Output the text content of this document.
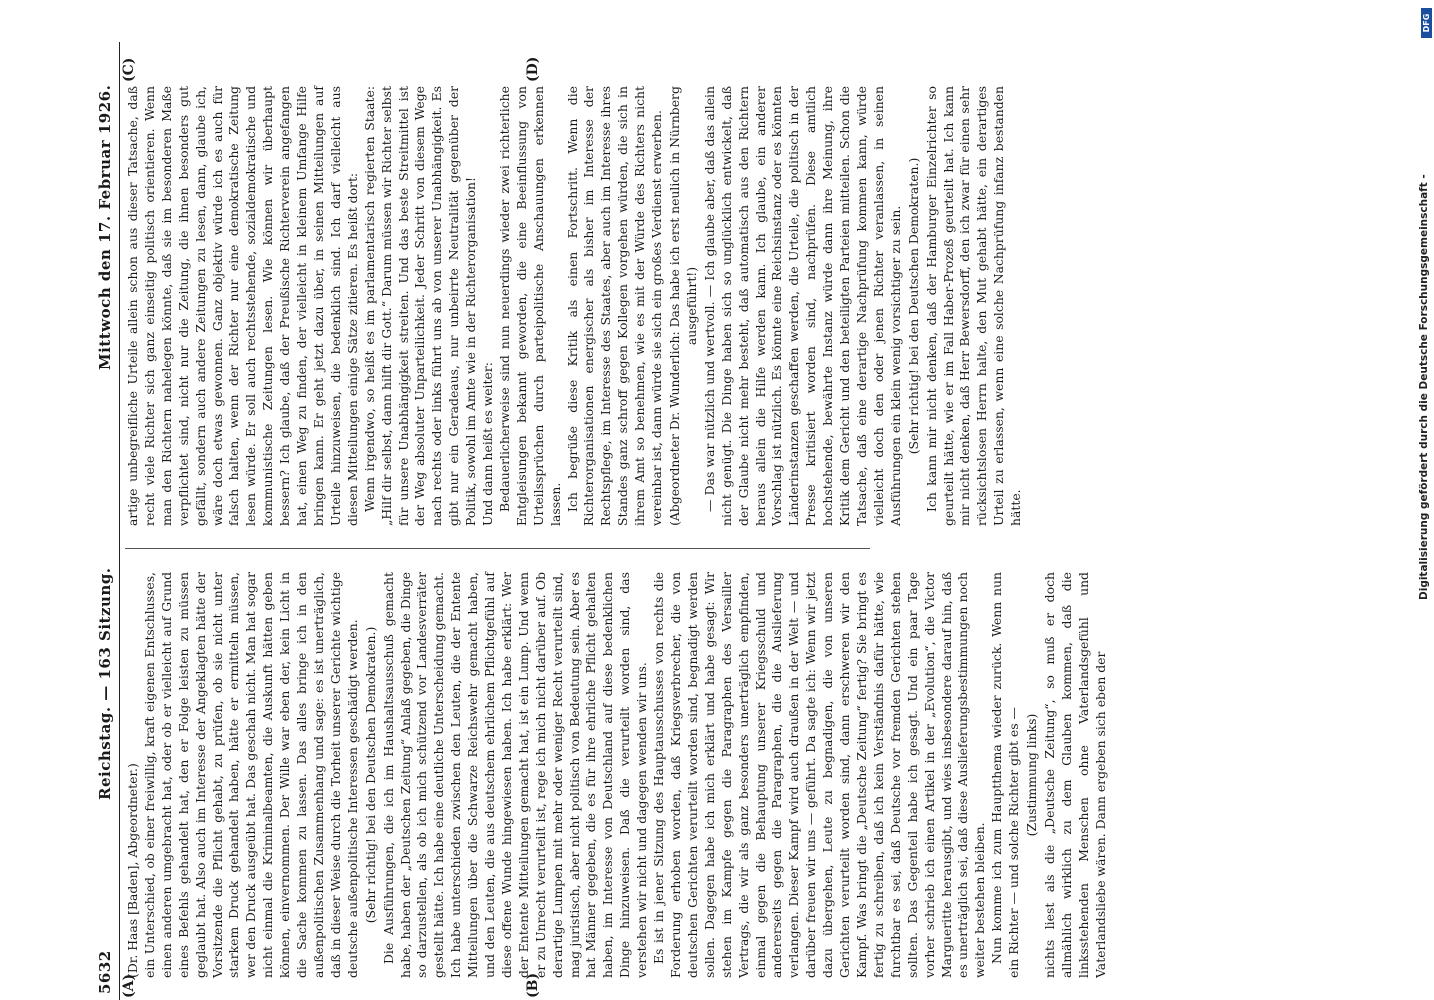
5632
Reichstag. — 163 Sitzung.
Mittwoch den 17. Februar 1926.
(A)	(B)
(C)	(D)

(Dr. Haas [Baden], Abgeordneter.) ein Unterschied, ob einer freiwillig, kraft eigenen Entschlusses, einen anderen umgebracht hat, oder ob er vielleicht auf Grund eines Befehls gehandelt hat, den er Folge leisten zu müssen geglaubt hat. Also auch im Interesse der Angeklagten hätte der Vorsitzende die Pflicht gehabt, zu prüfen, ob sie nicht unter starkem Druck gehandelt haben, hätte er ermitteln müssen, wer den Druck ausgeübt hat. Das geschah nicht. Man hat sogar nicht einmal die Kriminalbeamten, die Auskunft hätten geben können, einvernommen. Der Wille war eben der, kein Licht in die Sache kommen zu lassen. Das alles bringe ich in den außenpolitischen Zusammenhang und sage: es ist unerträglich, daß in dieser Weise durch die Torheit unserer Gerichte wichtige deutsche außenpolitische Interessen geschädigt werden. (Sehr richtig! bei den Deutschen Demokraten.) Die Ausführungen, die ich im Haushaltsausschuß gemacht habe, haben der „Deutschen Zeitung“ Anlaß gegeben, die Dinge so darzustellen, als ob ich mich schützend vor Landesverräter gestellt hätte. Ich habe eine deutliche Unterscheidung gemacht. Ich habe unterschieden zwischen den Leuten, die der Entente Mitteilungen über die Schwarze Reichswehr gemacht haben, und den Leuten, die aus deutschem ehrlichem Pflichtgefühl auf diese offene Wunde hingewiesen haben. Ich habe erklärt: Wer der Entente Mitteilungen gemacht hat, ist ein Lump. Und wenn er zu Unrecht verurteilt ist, rege ich mich nicht darüber auf. Ob derartige Lumpen mit mehr oder weniger Recht verurteilt sind, mag juristisch, aber nicht politisch von Bedeutung sein. Aber es hat Männer gegeben, die es für ihre ehrliche Pflicht gehalten haben, im Interesse von Deutschland auf diese bedenklichen Dinge hinzuweisen. Daß die verurteilt worden sind, das verstehen wir nicht und dagegen wenden wir uns. Es ist in jener Sitzung des Hauptausschusses von rechts die Forderung erhoben worden, daß Kriegsverbrecher, die von deutschen Gerichten verurteilt worden sind, begnadigt werden sollen. Dagegen habe ich mich erklärt und habe gesagt: Wir stehen im Kampfe gegen die Paragraphen des Versailler Vertrags, die wir als ganz besonders unerträglich empfinden, einmal gegen die Behauptung unserer Kriegsschuld und andererseits gegen die Paragraphen, die die Auslieferung verlangen. Dieser Kampf wird auch draußen in der Welt — und darüber freuen wir uns — geführt. Da sagte ich: Wenn wir jetzt dazu übergehen, Leute zu begnadigen, die von unseren Gerichten verurteilt worden sind, dann erschweren wir den Kampf. Was bringt die „Deutsche Zeitung“ fertig? Sie bringt es fertig zu schreiben, daß ich kein Verständnis dafür hätte, wie furchtbar es sei, daß Deutsche vor fremden Gerichten stehen sollten. Das Gegenteil habe ich gesagt. Und ein paar Tage vorher schrieb ich einen Artikel in der „Evolution“, die Victor Margueritte herausgibt, und wies insbesondere darauf hin, daß es unerträglich sei, daß diese Auslieferungsbestimmungen noch weiter bestehen bleiben. Nun komme ich zum Hauptthema wieder zurück. Wenn nun ein Richter — und solche Richter gibt es — (Zustimmung links) nichts liest als die „Deutsche Zeitung“, so muß er doch allmählich wirklich zu dem Glauben kommen, daß die linksstehenden Menschen ohne Vaterlandsgefühl und Vaterlandsliebe wären. Dann ergeben sich eben der

artige unbegreifliche Urteile allein schon aus dieser Tatsache, daß recht viele Richter sich ganz einseitig politisch orientieren. Wenn man den Richtern nahelegen könnte, daß sie im besonderen Maße verpflichtet sind, nicht nur die Zeitung, die ihnen besonders gut gefällt, sondern auch andere Zeitungen zu lesen, dann, glaube ich, wäre doch etwas gewonnen. Ganz objektiv würde ich es auch für falsch halten, wenn der Richter nur eine demokratische Zeitung lesen würde. Er soll auch rechtsstehende, sozialdemokratische und kommunistische Zeitungen lesen. Wie können wir überhaupt bessern? Ich glaube, daß der Preußische Richterverein angefangen hat, einen Weg zu finden, der vielleicht in kleinem Umfange Hilfe bringen kann. Er geht jetzt dazu über, in seinen Mitteilungen auf Urteile hinzuweisen, die bedenklich sind. Ich darf vielleicht aus diesen Mitteilungen einige Sätze zitieren. Es heißt dort: Wenn irgendwo, so heißt es im parlamentarisch regierten Staate: „Hilf dir selbst, dann hilft dir Gott.“ Darum müssen wir Richter selbst für unsere Unabhängigkeit streiten. Und das beste Streitmittel ist der Weg absoluter Unparteilichkeit. Jeder Schritt von diesem Wege nach rechts oder links führt uns ab von unserer Unabhängigkeit. Es gibt nur ein Geradeaus, nur unbeirrte Neutralität gegenüber der Politik, sowohl im Amte wie in der Richterorganisation! Und dann heißt es weiter: Bedauerlicherweise sind nun neuerdings wieder zwei richterliche Entgleisungen bekannt geworden, die eine Beeinflussung von Urteilssprüchen durch parteipolitische Anschauungen erkennen lassen. Ich begrüße diese Kritik als einen Fortschritt. Wenn die Richterorganisationen energischer als bisher im Interesse der Rechtspflege, im Interesse des Staates, aber auch im Interesse ihres Standes ganz schroff gegen Kollegen vorgehen würden, die sich in ihrem Amt so benehmen, wie es mit der Würde des Richters nicht vereinbar ist, dann würde sie sich ein großes Verdienst erwerben. (Abgeordneter Dr. Wunderlich: Das habe ich erst neulich in Nürnberg ausgeführt!) — Das war nützlich und wertvoll. — Ich glaube aber, daß das allein nicht genügt. Die Dinge haben sich so unglücklich entwickelt, daß der Glaube nicht mehr besteht, daß automatisch aus den Richtern heraus allein die Hilfe werden kann. Ich glaube, ein anderer Vorschlag ist nützlich. Es könnte eine Reichsinstanz oder es könnten Länderinstanzen geschaffen werden, die Urteile, die politisch in der Presse kritisiert worden sind, nachprüfen. Diese amtlich hochstehende, bewährte Instanz würde dann ihre Meinung, ihre Kritik dem Gericht und den beteiligten Parteien mitteilen. Schon die Tatsache, daß eine derartige Nachprüfung kommen kann, würde vielleicht doch den oder jenen Richter veranlassen, in seinen Ausführungen ein klein wenig vorsichtiger zu sein. (Sehr richtig! bei den Deutschen Demokraten.) Ich kann mir nicht denken, daß der Hamburger Einzelrichter so geurteilt hätte, wie er im Fall Haber-Prozeß geurteilt hat. Ich kann mir nicht denken, daß Herr Bewersdorff, den ich zwar für einen sehr rücksichtslosen Herrn halte, den Mut gehabt hätte, ein derartiges Urteil zu erlassen, wenn eine solche Nachprüfung infanz bestanden hätte.	Digitalisierung gefördert durch die Deutsche Forschungsgemeinschaft -
DFG
